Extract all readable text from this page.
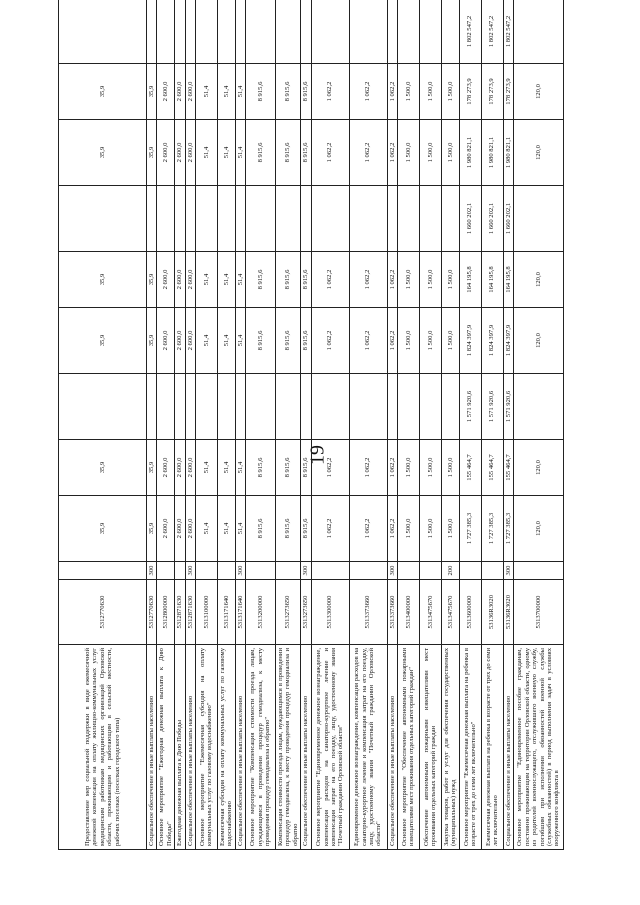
19
Предоставление мер социальной поддержки в виде ежемесячной денежной компенсации на оплату жилищно-коммунальных услуг медицинским работникам медицинских организаций Орловской области, проживающим и работающим в сельской местности, рабочих поселках (поселках городского типа)	5312770630		35,9	35,9		35,9	35,9		35,9	35,9	
Социальное обеспечение и иные выплаты населению	5312770630	300	35,9	35,9		35,9	35,9		35,9	35,9	
Основное мероприятие "Ежегодная денежная выплата к Дню Победы"	5312800000		2 600,0	2 600,0		2 600,0	2 600,0		2 600,0	2 600,0	
Ежегодная денежная выплата к Дню Победы	5312871630		2 600,0	2 600,0		2 600,0	2 600,0		2 600,0	2 600,0	
Социальное обеспечение и иные выплаты населению	5312871630	300	2 600,0	2 600,0		2 600,0	2 600,0		2 600,0	2 600,0	
Основное мероприятие "Ежемесячная субсидия на оплату коммунальных услуг по газовому водоснабжению"	5313100000		51,4	51,4		51,4	51,4		51,4	51,4	
Ежемесячная субсидия на оплату коммунальных услуг по газовому водоснабжению	5313171640		51,4	51,4		51,4	51,4		51,4	51,4	
Социальное обеспечение и иные выплаты населению	5313171640	300	51,4	51,4		51,4	51,4		51,4	51,4	
Основное мероприятие "Компенсация стоимости проезда лицам, нуждающимся в проведении процедур гемодиализа, к месту проведения процедур гемодиализа и обратно"	5313200000		8 915,6	8 915,6		8 915,6	8 915,6		8 915,6	8 915,6	
Компенсация стоимости проезда лицам, нуждающимся в проведении процедур гемодиализа, к месту проведения процедур гемодиализа и обратно	5313273650		8 915,6	8 915,6		8 915,6	8 915,6		8 915,6	8 915,6	
Социальное обеспечение и иные выплаты населению	5313273650	300	8 915,6	8 915,6		8 915,6	8 915,6		8 915,6	8 915,6	
Основное мероприятие "Единовременное денежное вознаграждение, компенсация расходов на санаторно-курортное лечение и компенсация затрат на его поездку, лицу, удостоенному звания "Почетный гражданин Орловской области"	5313300000		1 062,2	1 062,2		1 062,2	1 062,2		1 062,2	1 062,2	
Единовременное денежное вознаграждение, компенсация расходов на санаторно-курортное лечение и компенсация затрат на его поездку, лицу, удостоенному звания "Почетный гражданин Орловской области"	5313373660		1 062,2	1 062,2		1 062,2	1 062,2		1 062,2	1 062,2	
Социальное обеспечение и иные выплаты населению	5313373660	300	1 062,2	1 062,2		1 062,2	1 062,2		1 062,2	1 062,2	
Основное мероприятие "Обеспечение автономными пожарными извещателями мест проживания отдельных категорий граждан"	5313400000		1 500,0	1 500,0		1 500,0	1 500,0		1 500,0	1 500,0	
Обеспечение автономными пожарными извещателями мест проживания отдельных категорий граждан	5313475670		1 500,0	1 500,0		1 500,0	1 500,0		1 500,0	1 500,0	
Закупка товаров, работ и услуг для обеспечения государственных (муниципальных) нужд	5313475670	200	1 500,0	1 500,0		1 500,0	1 500,0		1 500,0	1 500,0	
Основное мероприятие "Ежемесячная денежная выплата на ребенка в возрасте от трех до семи лет включительно"	5313600000		1 727 385,3	155 464,7	1 571 920,6	1 824 397,9	164 195,8	1 660 202,1	1 980 821,1	178 273,9	1 802 547,2
Ежемесячная денежная выплата на ребенка в возрасте от трех до семи лет включительно	53136R3020		1 727 385,3	155 464,7	1 571 920,6	1 824 397,9	164 195,8	1 660 202,1	1 980 821,1	178 273,9	1 802 547,2
Социальное обеспечение и иные выплаты населению	53136R3020	300	1 727 385,3	155 464,7	1 571 920,6	1 824 397,9	164 195,8	1 660 202,1	1 980 821,1	178 273,9	1 802 547,2
Основное мероприятие "Единовременное пособие гражданам, постоянно проживающим на территории Орловской области, одному из родителей военнослужащего, отслужившего военную службу, погибшим при исполнении обязанностей военной службы (служебных обязанностей) в период выполнения задач в условиях вооруженного конфликта в	5313700000		120,0	120,0		120,0	120,0		120,0	120,0	
